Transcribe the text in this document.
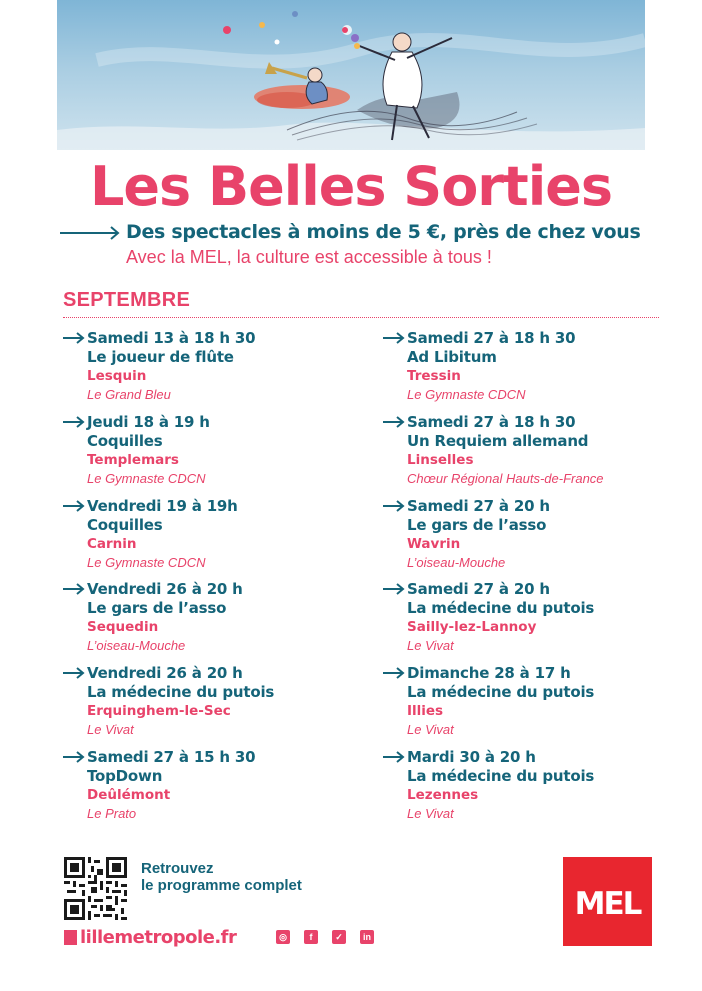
Les Belles Sorties
Des spectacles à moins de 5 €, près de chez vous
Avec la MEL, la culture est accessible à tous !
SEPTEMBRE
Samedi 13 à 18 h 30
Le joueur de flûte
Lesquin
Le Grand Bleu
Jeudi 18 à 19 h
Coquilles
Templemars
Le Gymnaste CDCN
Vendredi 19 à 19h
Coquilles
Carnin
Le Gymnaste CDCN
Vendredi 26 à 20 h
Le gars de l’asso
Sequedin
L’oiseau-Mouche
Vendredi 26 à 20 h
La médecine du putois
Erquinghem-le-Sec
Le Vivat
Samedi 27 à 15 h 30
TopDown
Deûlémont
Le Prato
Samedi 27 à 18 h 30
Ad Libitum
Tressin
Le Gymnaste CDCN
Samedi 27 à 18 h 30
Un Requiem allemand
Linselles
Chœur Régional Hauts-de-France
Samedi 27 à 20 h
Le gars de l’asso
Wavrin
L’oiseau-Mouche
Samedi 27 à 20 h
La médecine du putois
Sailly-lez-Lannoy
Le Vivat
Dimanche 28 à 17 h
La médecine du putois
Illies
Le Vivat
Mardi 30 à 20 h
La médecine du putois
Lezennes
Le Vivat
Retrouvez
le programme complet
lillemetropole.fr	◎	f	✓	in
MEL
